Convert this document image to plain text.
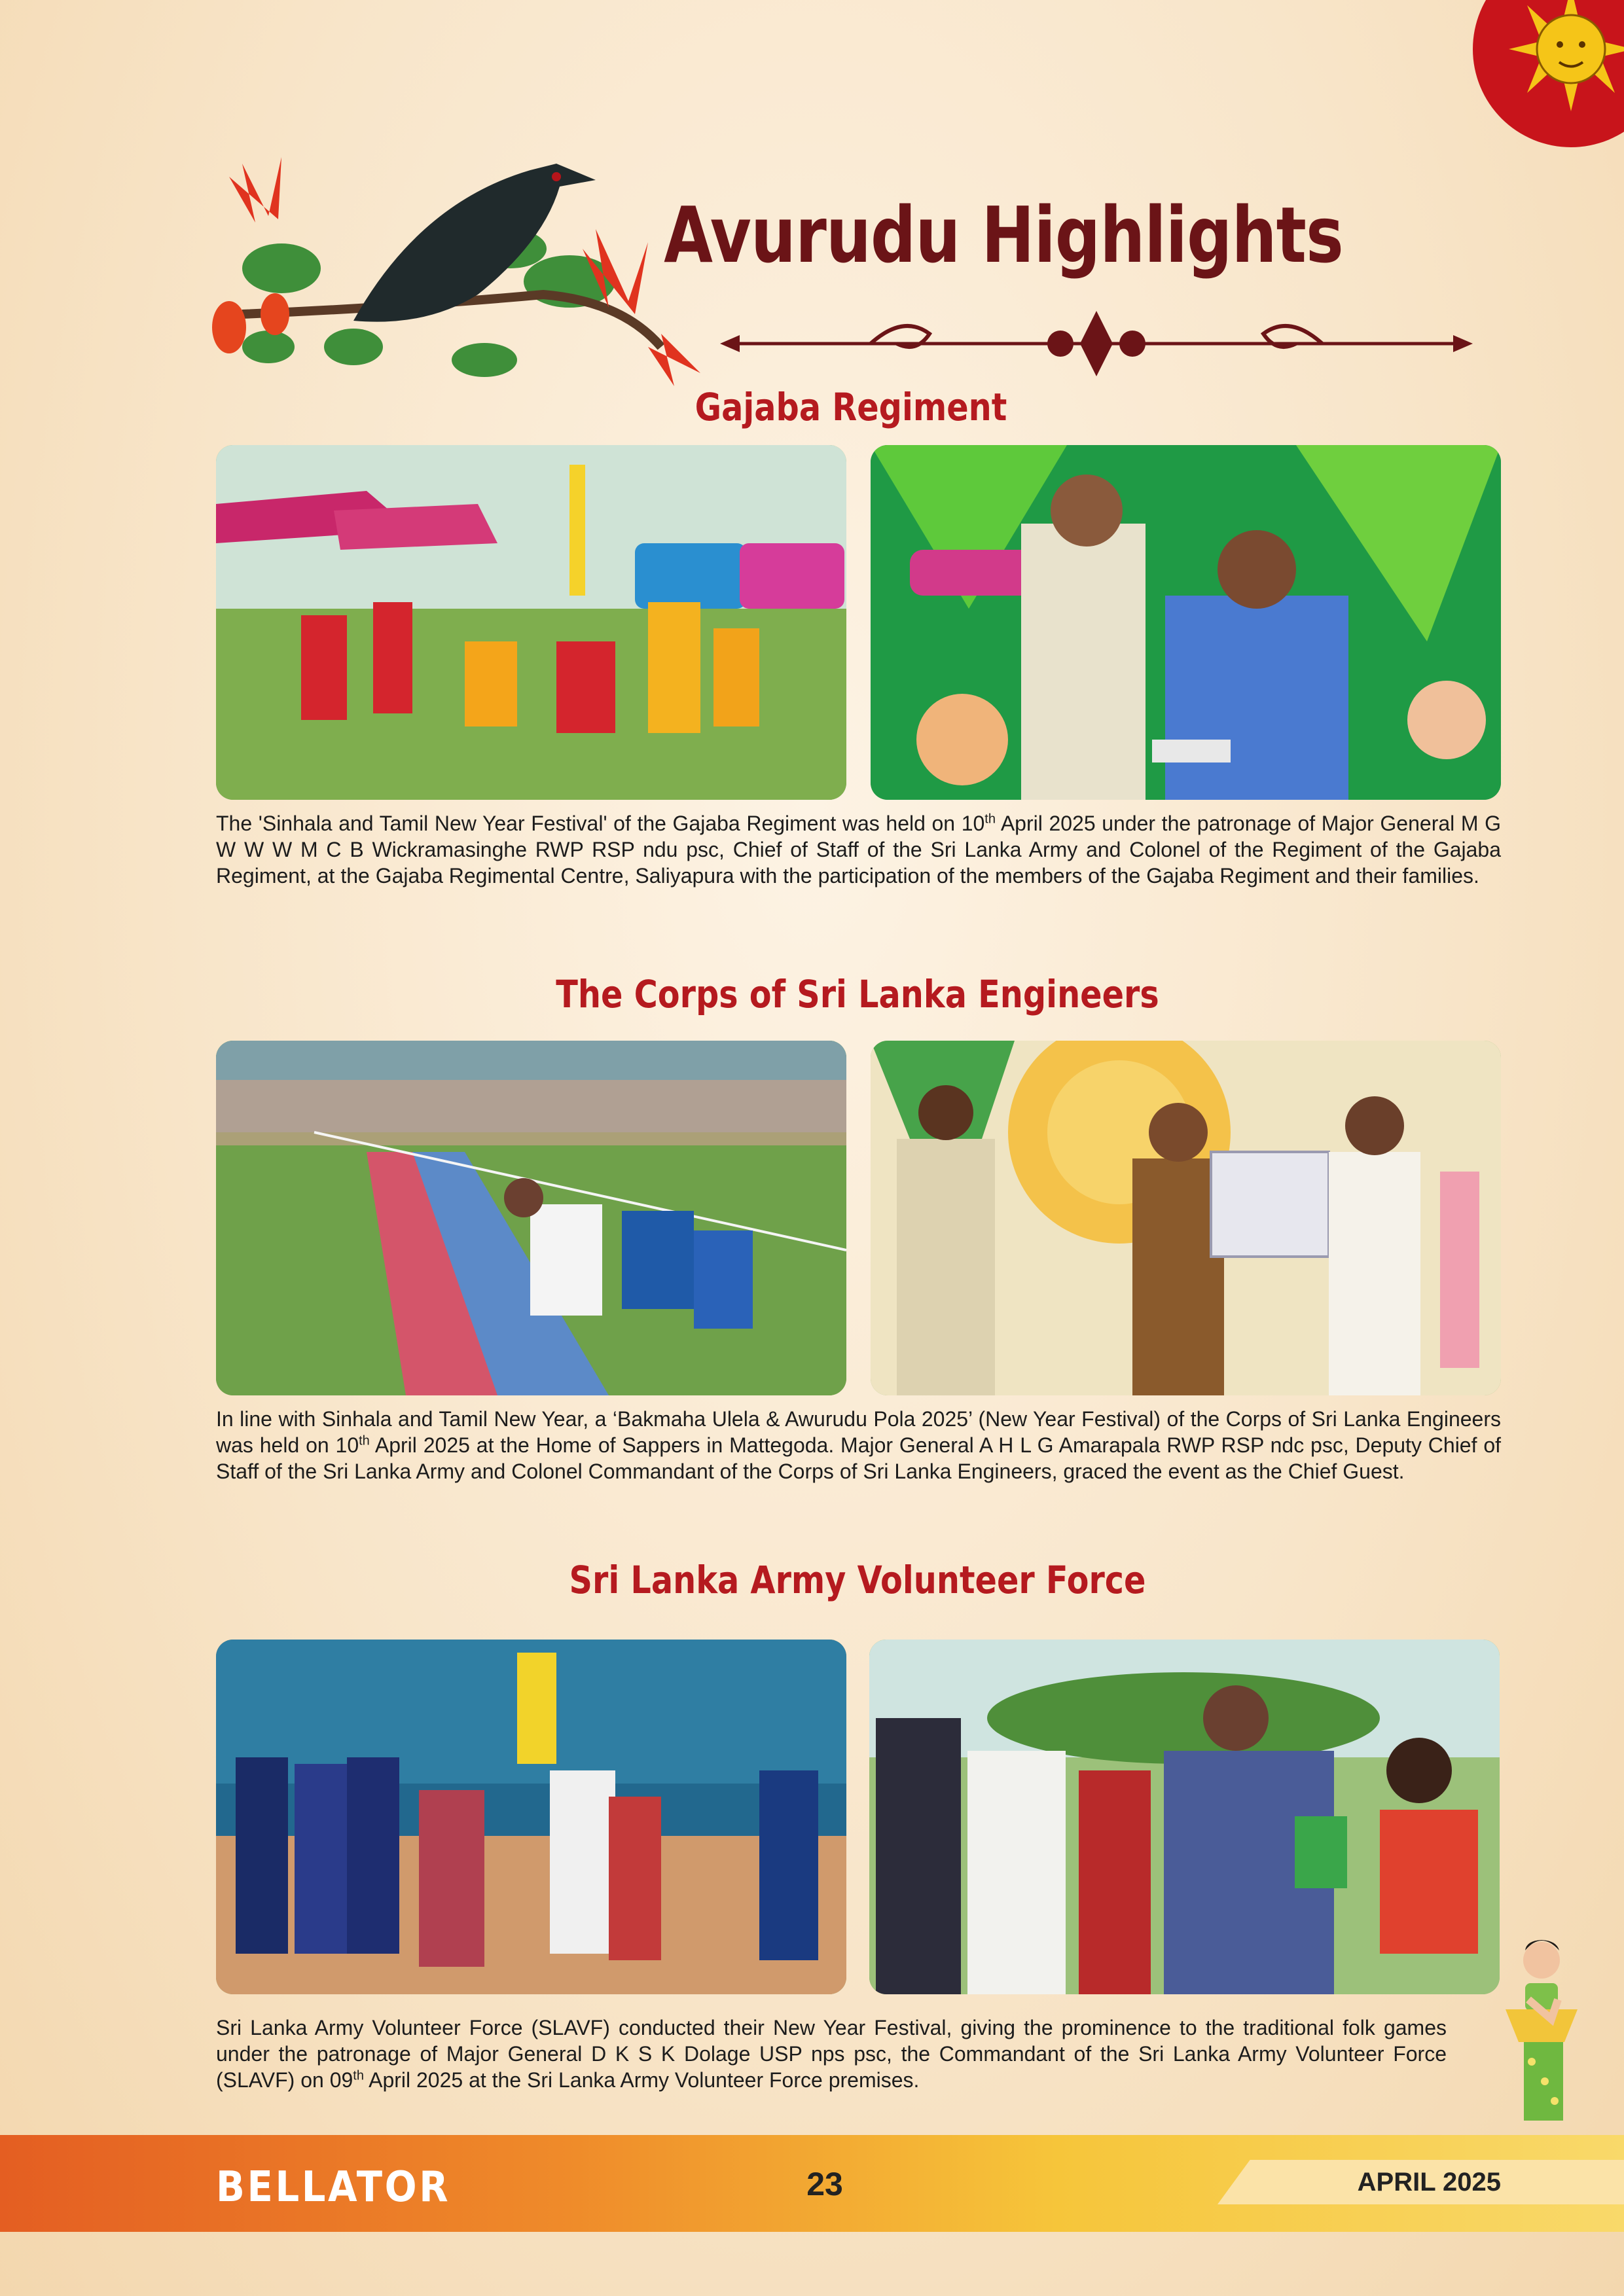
Avurudu Highlights
Gajaba Regiment
The 'Sinhala and Tamil New Year Festival' of the Gajaba Regiment was held on 10th April 2025 under the patronage of Major General M G W W W M C B Wickramasinghe RWP RSP ndu psc, Chief of Staff of the Sri Lanka Army and Colonel of the Regiment of the Gajaba Regiment, at the Gajaba Regimental Centre, Saliyapura with the participation of the members of the Gajaba Regiment and their families.
The Corps of Sri Lanka Engineers
In line with Sinhala and Tamil New Year, a ‘Bakmaha Ulela & Awurudu Pola 2025’ (New Year Festival) of the Corps of Sri Lanka Engineers was held on 10th April 2025 at the Home of Sappers in Mattegoda. Major General A H L G Amarapala RWP RSP ndc psc, Deputy Chief of Staff of the Sri Lanka Army and Colonel Commandant of the Corps of Sri Lanka Engineers, graced the event as the Chief Guest.
Sri Lanka Army Volunteer Force
Sri Lanka Army Volunteer Force (SLAVF) conducted their New Year Festival, giving the prominence to the traditional folk games under the patronage of Major General D K S K Dolage USP nps psc, the Commandant of the Sri Lanka Army Volunteer Force (SLAVF) on 09th April 2025 at the Sri Lanka Army Volunteer Force premises.
BELLATOR	23	APRIL 2025
